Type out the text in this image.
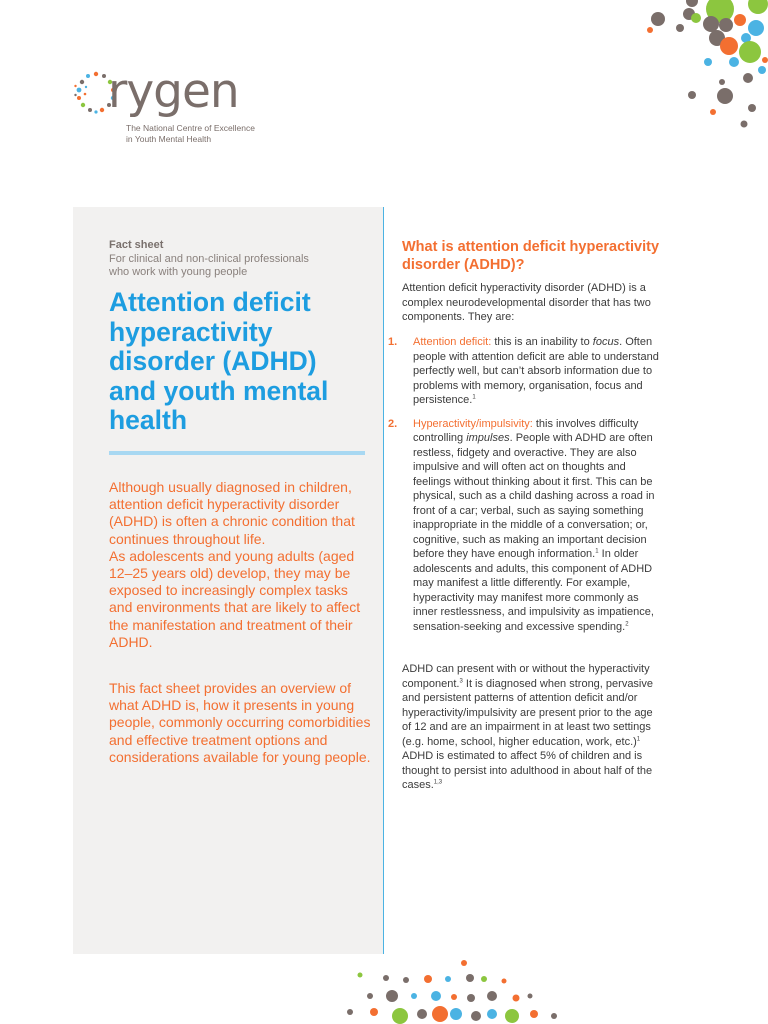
rygen
The National Centre of Excellence
in Youth Mental Health
Fact sheet
For clinical and non-clinical professionals
who work with young people
Attention deficit hyperactivity disorder (ADHD) and youth mental health

Although usually diagnosed in children, attention deficit hyperactivity disorder (ADHD) is often a chronic condition that continues throughout life.

As adolescents and young adults (aged 12–25 years old) develop, they may be exposed to increasingly complex tasks and environments that are likely to affect the manifestation and treatment of their ADHD.

This fact sheet provides an overview of what ADHD is, how it presents in young people, commonly occurring comorbidities and effective treatment options and considerations available for young people.

What is attention deficit hyperactivity disorder (ADHD)?

Attention deficit hyperactivity disorder (ADHD) is a complex neurodevelopmental disorder that has two components. They are:

1. Attention deficit: this is an inability to focus. Often people with attention deficit are able to understand perfectly well, but can’t absorb information due to problems with memory, organisation, focus and persistence.$^1$
2. Hyperactivity/impulsivity: this involves difficulty controlling impulses. People with ADHD are often restless, fidgety and overactive. They are also impulsive and will often act on thoughts and feelings without thinking about it first. This can be physical, such as a child dashing across a road in front of a car; verbal, such as saying something inappropriate in the middle of a conversation; or, cognitive, such as making an important decision before they have enough information.$^1$ In older adolescents and adults, this component of ADHD may manifest a little differently. For example, hyperactivity may manifest more commonly as inner restlessness, and impulsivity as impatience, sensation-seeking and excessive spending.$^2$

ADHD can present with or without the hyperactivity component.$^3$ It is diagnosed when strong, pervasive and persistent patterns of attention deficit and/or hyperactivity/impulsivity are present prior to the age of 12 and are an impairment in at least two settings (e.g. home, school, higher education, work, etc.)$^1$ ADHD is estimated to affect 5% of children and is thought to persist into adulthood in about half of the cases.$^{1,3}$
